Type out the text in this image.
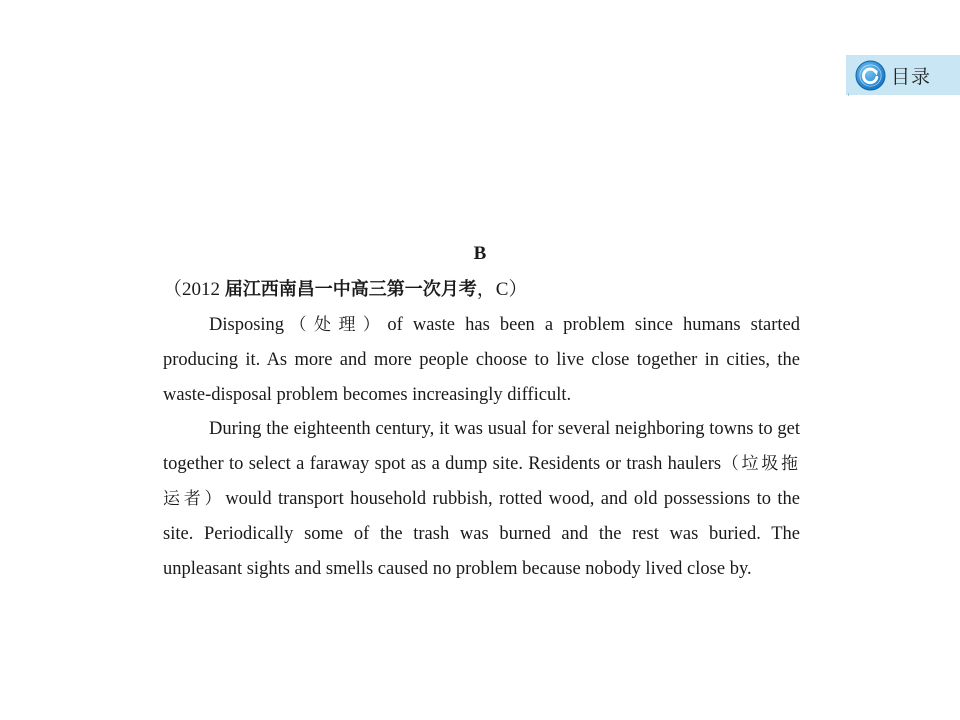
目录
B

（2012 届江西南昌一中高三第一次月考，C）

Disposing（处理）of waste has been a problem since humans started producing it. As more and more people choose to live close together in cities, the waste-disposal problem becomes increasingly difficult.

During the eighteenth century, it was usual for several neighboring towns to get together to select a faraway spot as a dump site. Residents or trash haulers（垃圾拖运者）would transport household rubbish, rotted wood, and old possessions to the site. Periodically some of the trash was burned and the rest was buried. The unpleasant sights and smells caused no problem because nobody lived close by.
